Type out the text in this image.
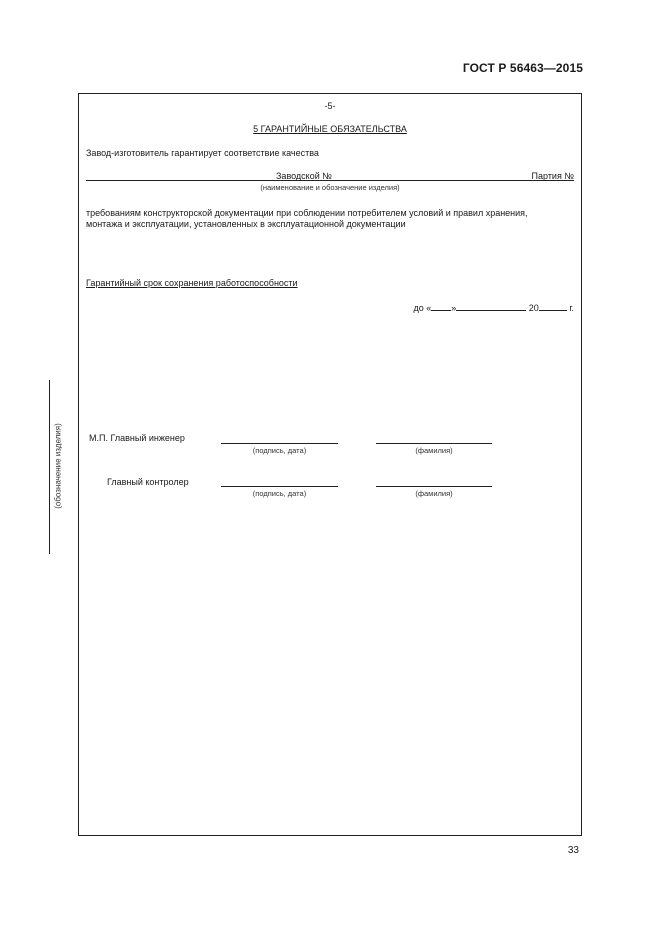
ГОСТ Р 56463—2015
(обозначение изделия)
-5-
5 ГАРАНТИЙНЫЕ ОБЯЗАТЕЛЬСТВА
Завод-изготовитель гарантирует соответствие качества
Заводской №	Партия №
(наименование и обозначение изделия)
требованиям конструкторской документации при соблюдении потребителем условий и правил хранения,
монтажа и эксплуатации, установленных в эксплуатационной документации
Гарантийный срок сохранения работоспособности
до « »	20	г.
М.П. Главный инженер
(подпись, дата)	(фамилия)
Главный контролер
(подпись, дата)	(фамилия)
33
